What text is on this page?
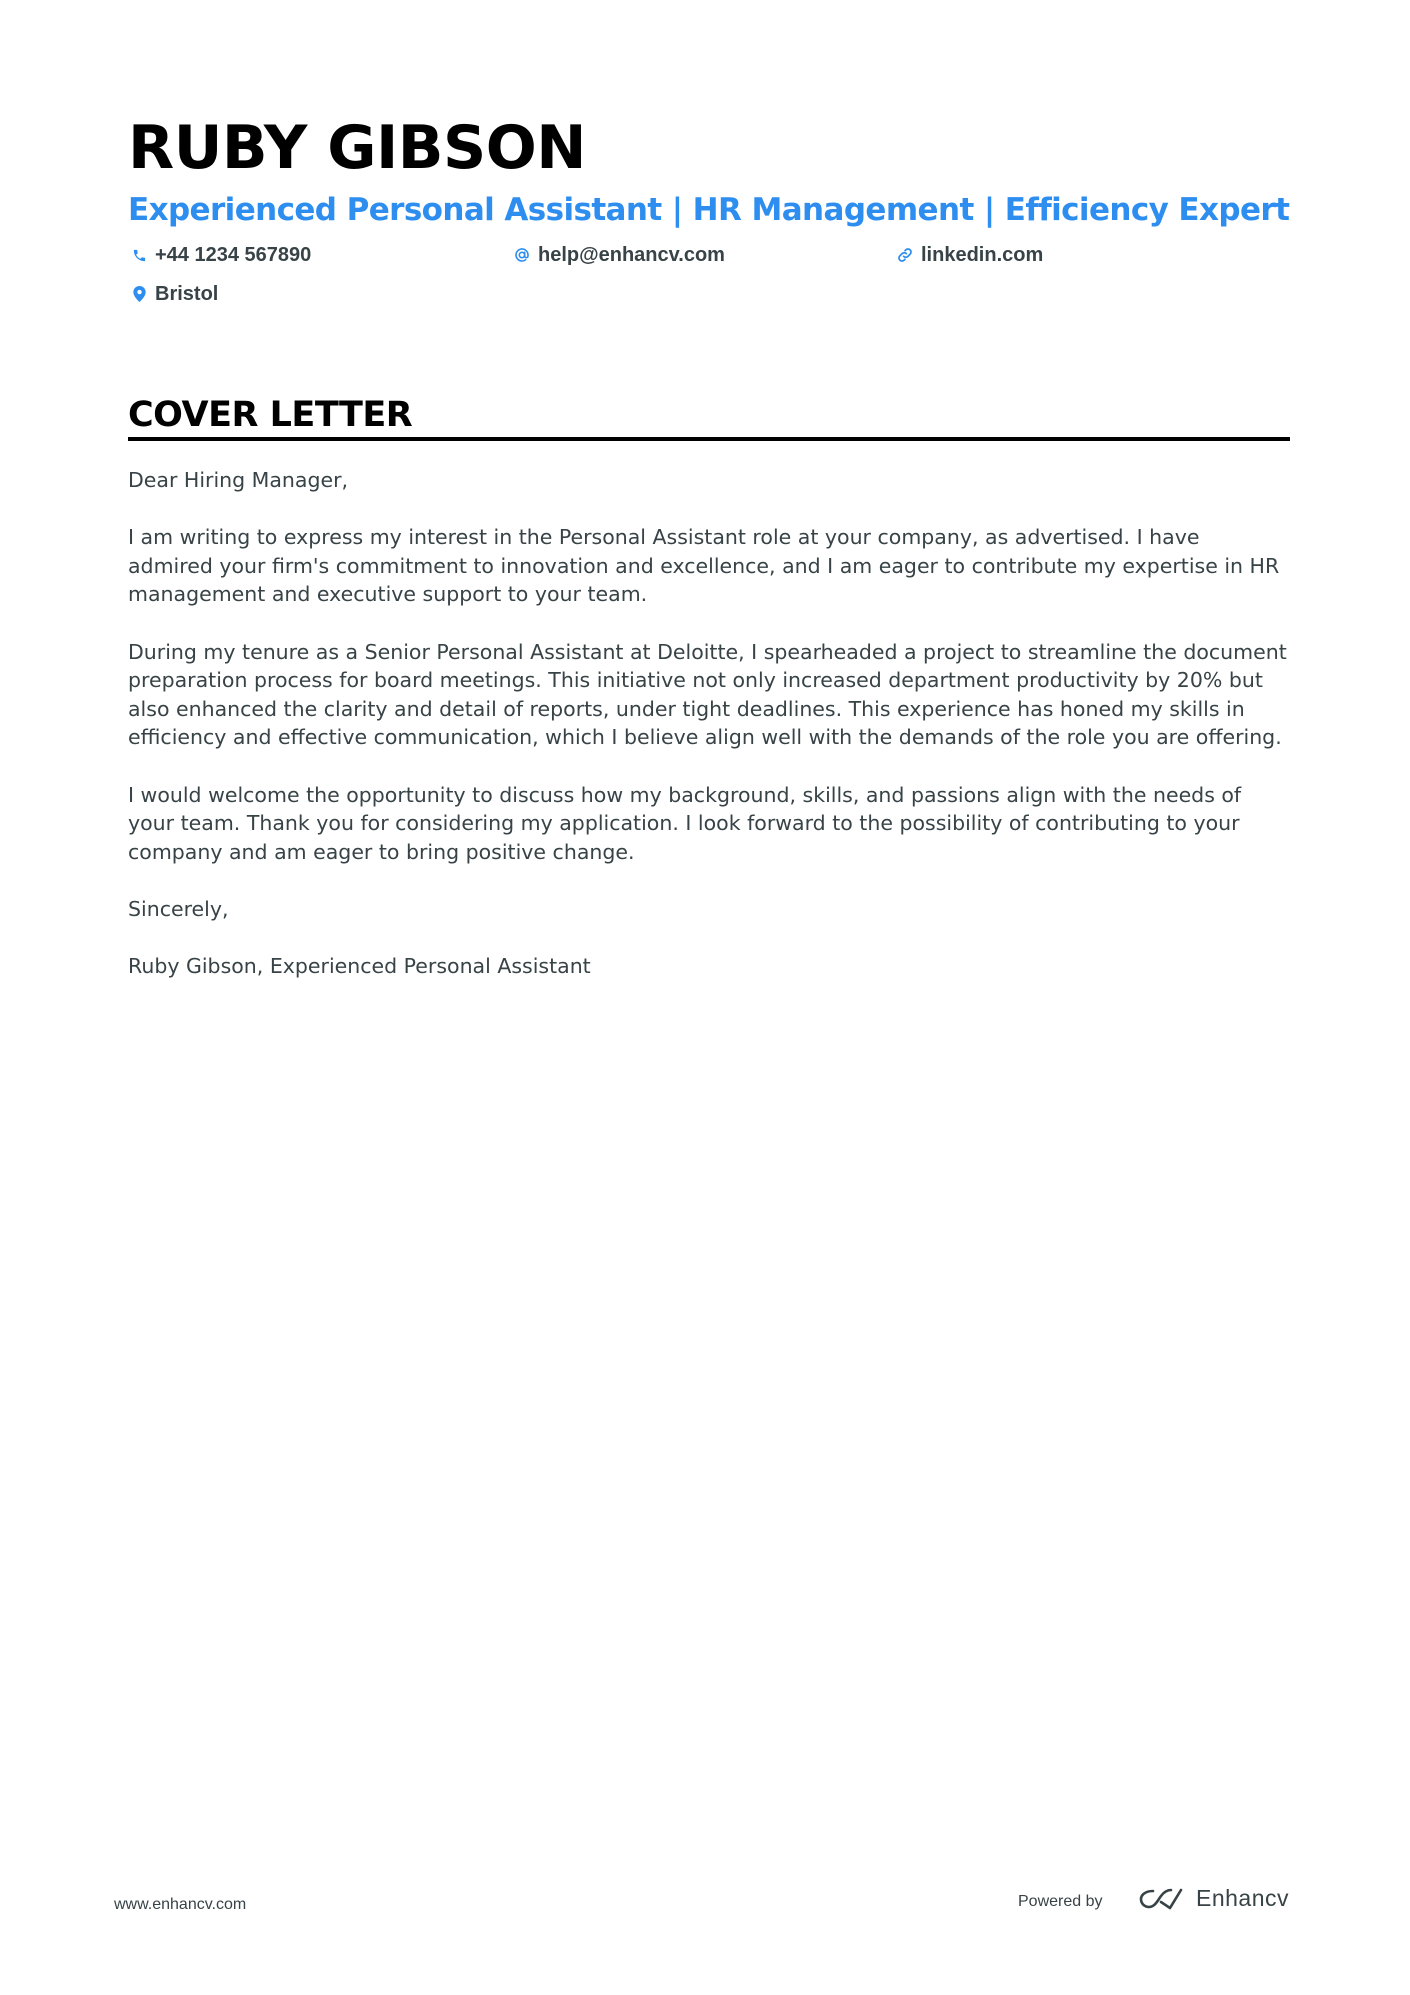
RUBY GIBSON
Experienced Personal Assistant | HR Management | Efficiency Expert
+44 1234 567890	help@enhancv.com	linkedin.com
Bristol
COVER LETTER

Dear Hiring Manager,

I am writing to express my interest in the Personal Assistant role at your company, as advertised. I have admired your firm's commitment to innovation and excellence, and I am eager to contribute my expertise in HR management and executive support to your team.

During my tenure as a Senior Personal Assistant at Deloitte, I spearheaded a project to streamline the document preparation process for board meetings. This initiative not only increased department productivity by 20% but also enhanced the clarity and detail of reports, under tight deadlines. This experience has honed my skills in efficiency and effective communication, which I believe align well with the demands of the role you are offering.

I would welcome the opportunity to discuss how my background, skills, and passions align with the needs of your team. Thank you for considering my application. I look forward to the possibility of contributing to your company and am eager to bring positive change.

Sincerely,

Ruby Gibson, Experienced Personal Assistant

www.enhancv.com	Powered by	Enhancv
